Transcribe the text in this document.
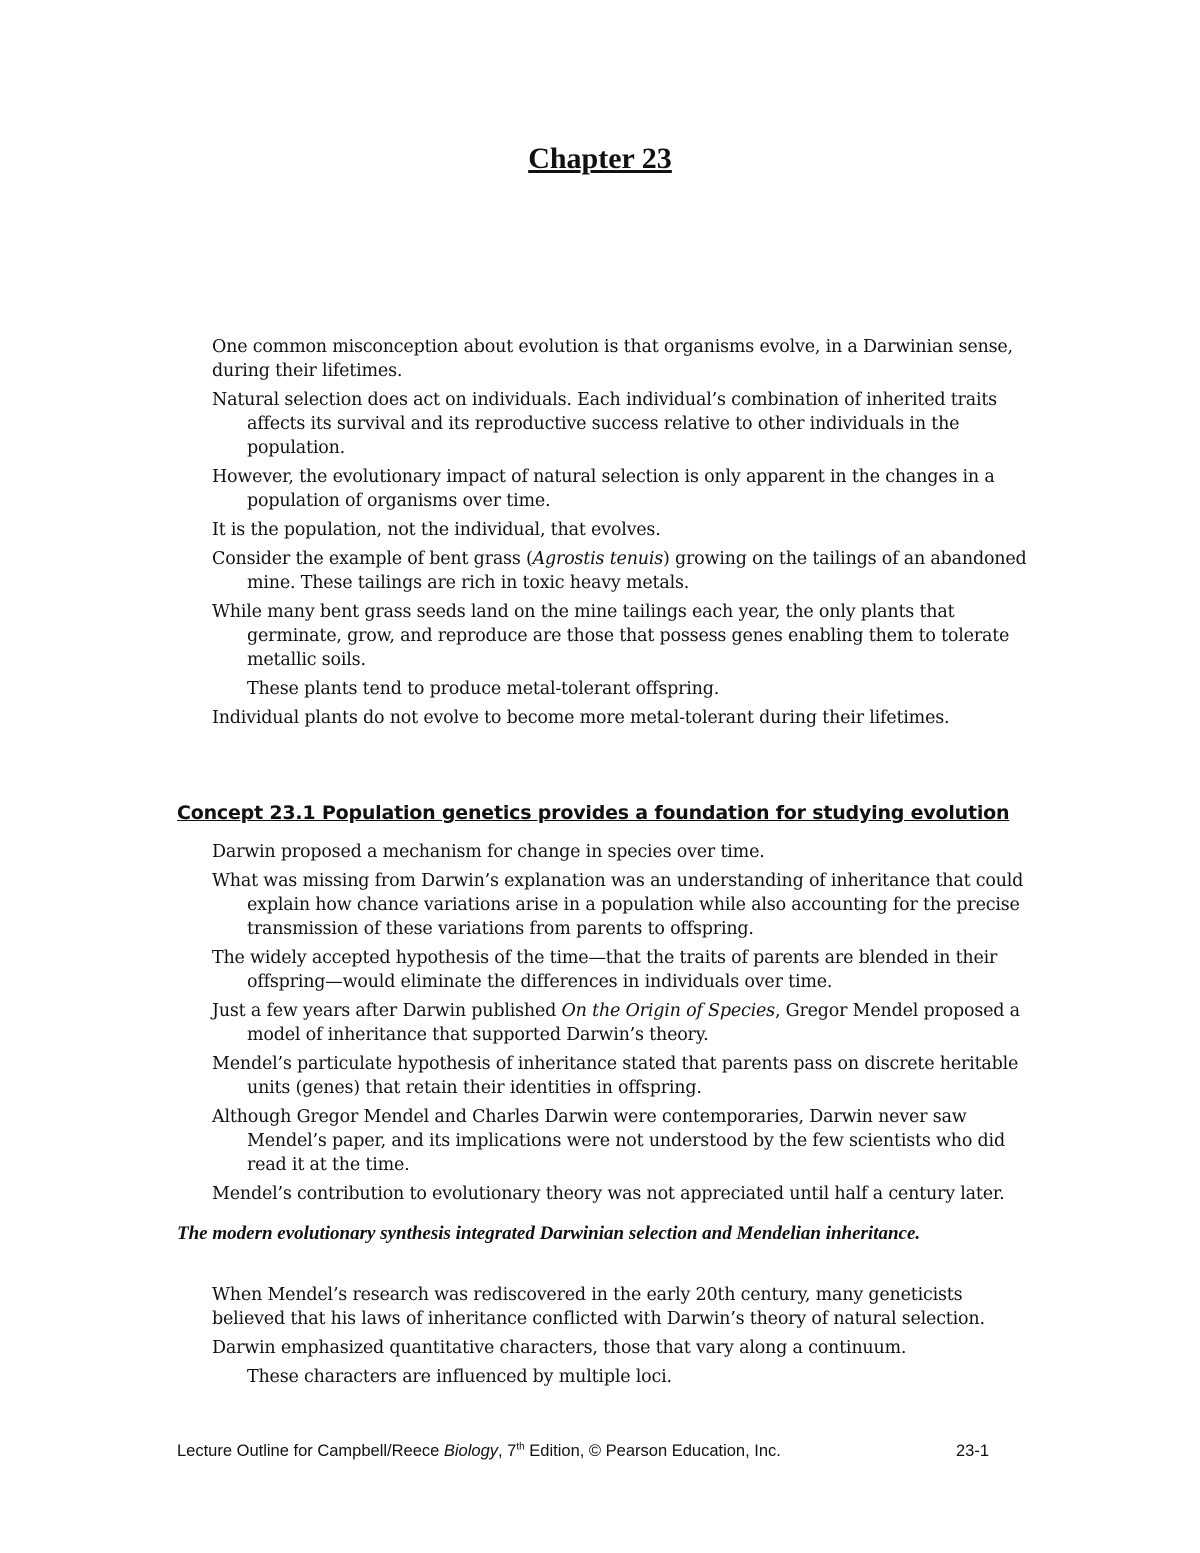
Chapter 23

One common misconception about evolution is that organisms evolve, in a Darwinian sense, during their lifetimes.

Natural selection does act on individuals. Each individual’s combination of inherited traits affects its survival and its reproductive success relative to other individuals in the population.

However, the evolutionary impact of natural selection is only apparent in the changes in a population of organisms over time.

It is the population, not the individual, that evolves.

Consider the example of bent grass (Agrostis tenuis) growing on the tailings of an abandoned mine. These tailings are rich in toxic heavy metals.

While many bent grass seeds land on the mine tailings each year, the only plants that germinate, grow, and reproduce are those that possess genes enabling them to tolerate metallic soils.

These plants tend to produce metal-tolerant offspring.

Individual plants do not evolve to become more metal-tolerant during their lifetimes.

Concept 23.1 Population genetics provides a foundation for studying evolution

Darwin proposed a mechanism for change in species over time.

What was missing from Darwin’s explanation was an understanding of inheritance that could explain how chance variations arise in a population while also accounting for the precise transmission of these variations from parents to offspring.

The widely accepted hypothesis of the time—that the traits of parents are blended in their offspring—would eliminate the differences in individuals over time.

Just a few years after Darwin published On the Origin of Species, Gregor Mendel proposed a model of inheritance that supported Darwin’s theory.

Mendel’s particulate hypothesis of inheritance stated that parents pass on discrete heritable units (genes) that retain their identities in offspring.

Although Gregor Mendel and Charles Darwin were contemporaries, Darwin never saw Mendel’s paper, and its implications were not understood by the few scientists who did read it at the time.

Mendel’s contribution to evolutionary theory was not appreciated until half a century later.

The modern evolutionary synthesis integrated Darwinian selection and Mendelian inheritance.

When Mendel’s research was rediscovered in the early 20th century, many geneticists believed that his laws of inheritance conflicted with Darwin’s theory of natural selection.

Darwin emphasized quantitative characters, those that vary along a continuum.

These characters are influenced by multiple loci.

Lecture Outline for Campbell/Reece Biology, 7th Edition, © Pearson Education, Inc.	23-1
